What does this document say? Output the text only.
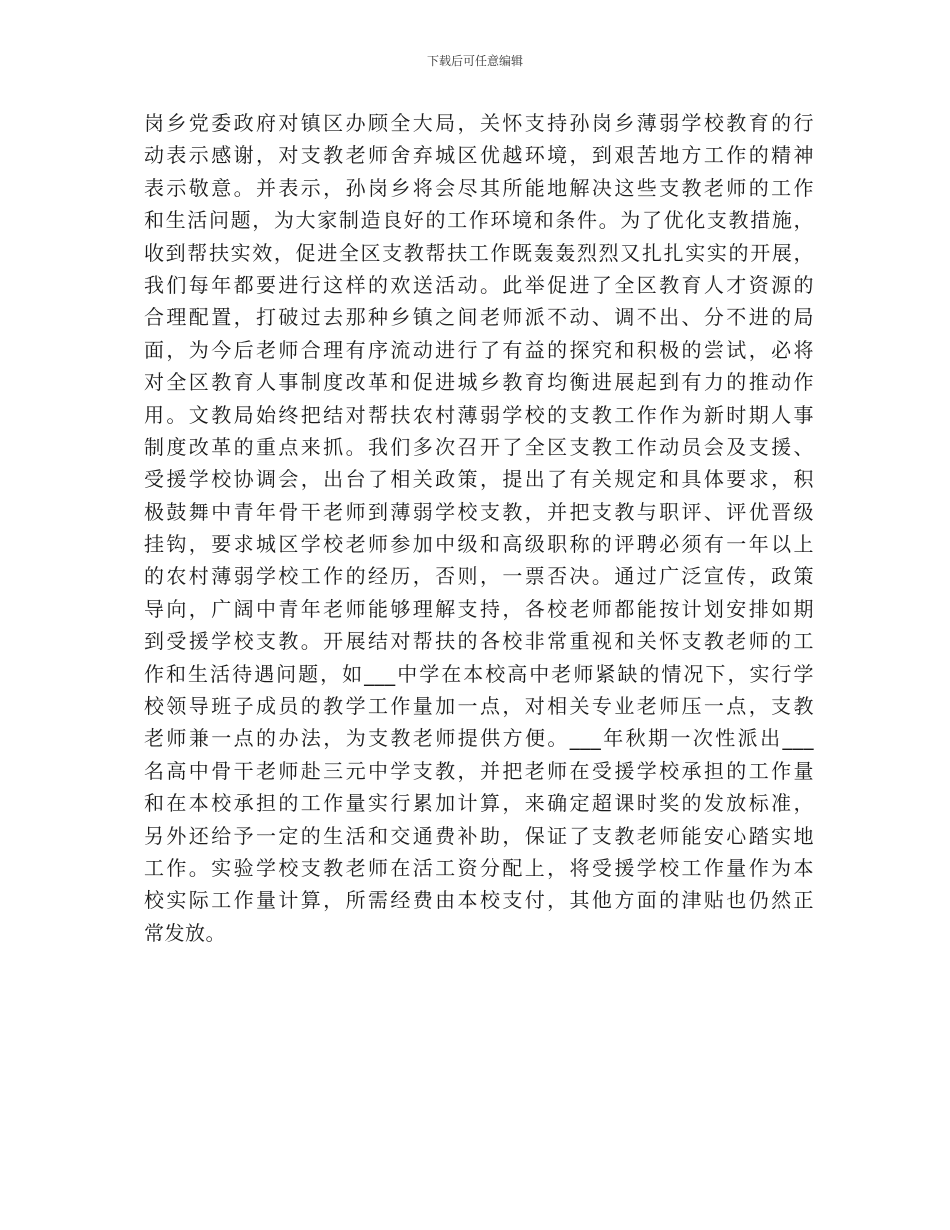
下载后可任意编辑
岗乡党委政府对镇区办顾全大局，关怀支持孙岗乡薄弱学校教育的行
动表示感谢，对支教老师舍弃城区优越环境，到艰苦地方工作的精神
表示敬意。并表示，孙岗乡将会尽其所能地解决这些支教老师的工作
和生活问题，为大家制造良好的工作环境和条件。为了优化支教措施，
收到帮扶实效，促进全区支教帮扶工作既轰轰烈烈又扎扎实实的开展，
我们每年都要进行这样的欢送活动。此举促进了全区教育人才资源的
合理配置，打破过去那种乡镇之间老师派不动、调不出、分不进的局
面，为今后老师合理有序流动进行了有益的探究和积极的尝试，必将
对全区教育人事制度改革和促进城乡教育均衡进展起到有力的推动作
用。文教局始终把结对帮扶农村薄弱学校的支教工作作为新时期人事
制度改革的重点来抓。我们多次召开了全区支教工作动员会及支援、
受援学校协调会，出台了相关政策，提出了有关规定和具体要求，积
极鼓舞中青年骨干老师到薄弱学校支教，并把支教与职评、评优晋级
挂钩，要求城区学校老师参加中级和高级职称的评聘必须有一年以上
的农村薄弱学校工作的经历，否则，一票否决。通过广泛宣传，政策
导向，广阔中青年老师能够理解支持，各校老师都能按计划安排如期
到受援学校支教。开展结对帮扶的各校非常重视和关怀支教老师的工
作和生活待遇问题，如___中学在本校高中老师紧缺的情况下，实行学
校领导班子成员的教学工作量加一点，对相关专业老师压一点，支教
老师兼一点的办法，为支教老师提供方便。___年秋期一次性派出___
名高中骨干老师赴三元中学支教，并把老师在受援学校承担的工作量
和在本校承担的工作量实行累加计算，来确定超课时奖的发放标准，
另外还给予一定的生活和交通费补助，保证了支教老师能安心踏实地
工作。实验学校支教老师在活工资分配上，将受援学校工作量作为本
校实际工作量计算，所需经费由本校支付，其他方面的津贴也仍然正
常发放。
